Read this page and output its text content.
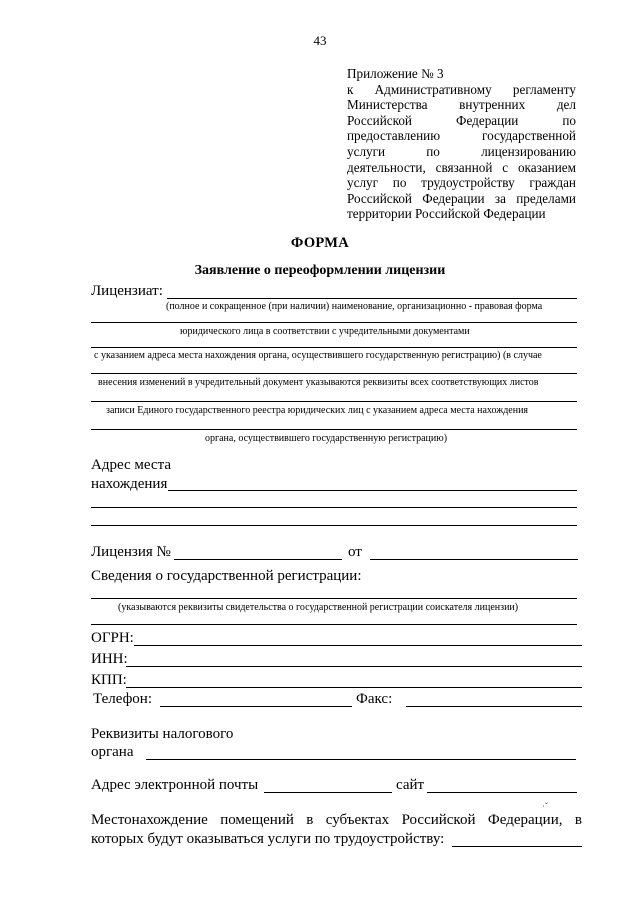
43
Приложение № 3
к Административному регламенту
Министерства внутренних дел
Российской	Федерации	по
предоставлению	государственной
услуги	по	лицензированию
деятельности, связанной с оказанием
услуг по трудоустройству граждан
Российской Федерации за пределами
территории Российской Федерации
ФОРМА
Заявление о переоформлении лицензии
Лицензиат:
(полное и сокращенное (при наличии) наименование, организационно - правовая форма
юридического лица в соответствии с учредительными документами
с указанием адреса места нахождения органа, осуществившего государственную регистрацию) (в случае
внесения изменений в учредительный документ указываются реквизиты всех соответствующих листов
записи Единого государственного реестра юридических лиц с указанием адреса места нахождения
органа, осуществившего государственную регистрацию)
Адрес места
нахождения
Лицензия №	от
Сведения о государственной регистрации:
(указываются реквизиты свидетельства о государственной регистрации соискателя лицензии)
ОГРН:
ИНН:
КПП:
Телефон:	Факс:
Реквизиты налогового
органа
Адрес электронной почты	сайт
·ˇ
Местонахождение помещений в субъектах Российской Федерации, в
которых будут оказываться услуги по трудоустройству:
